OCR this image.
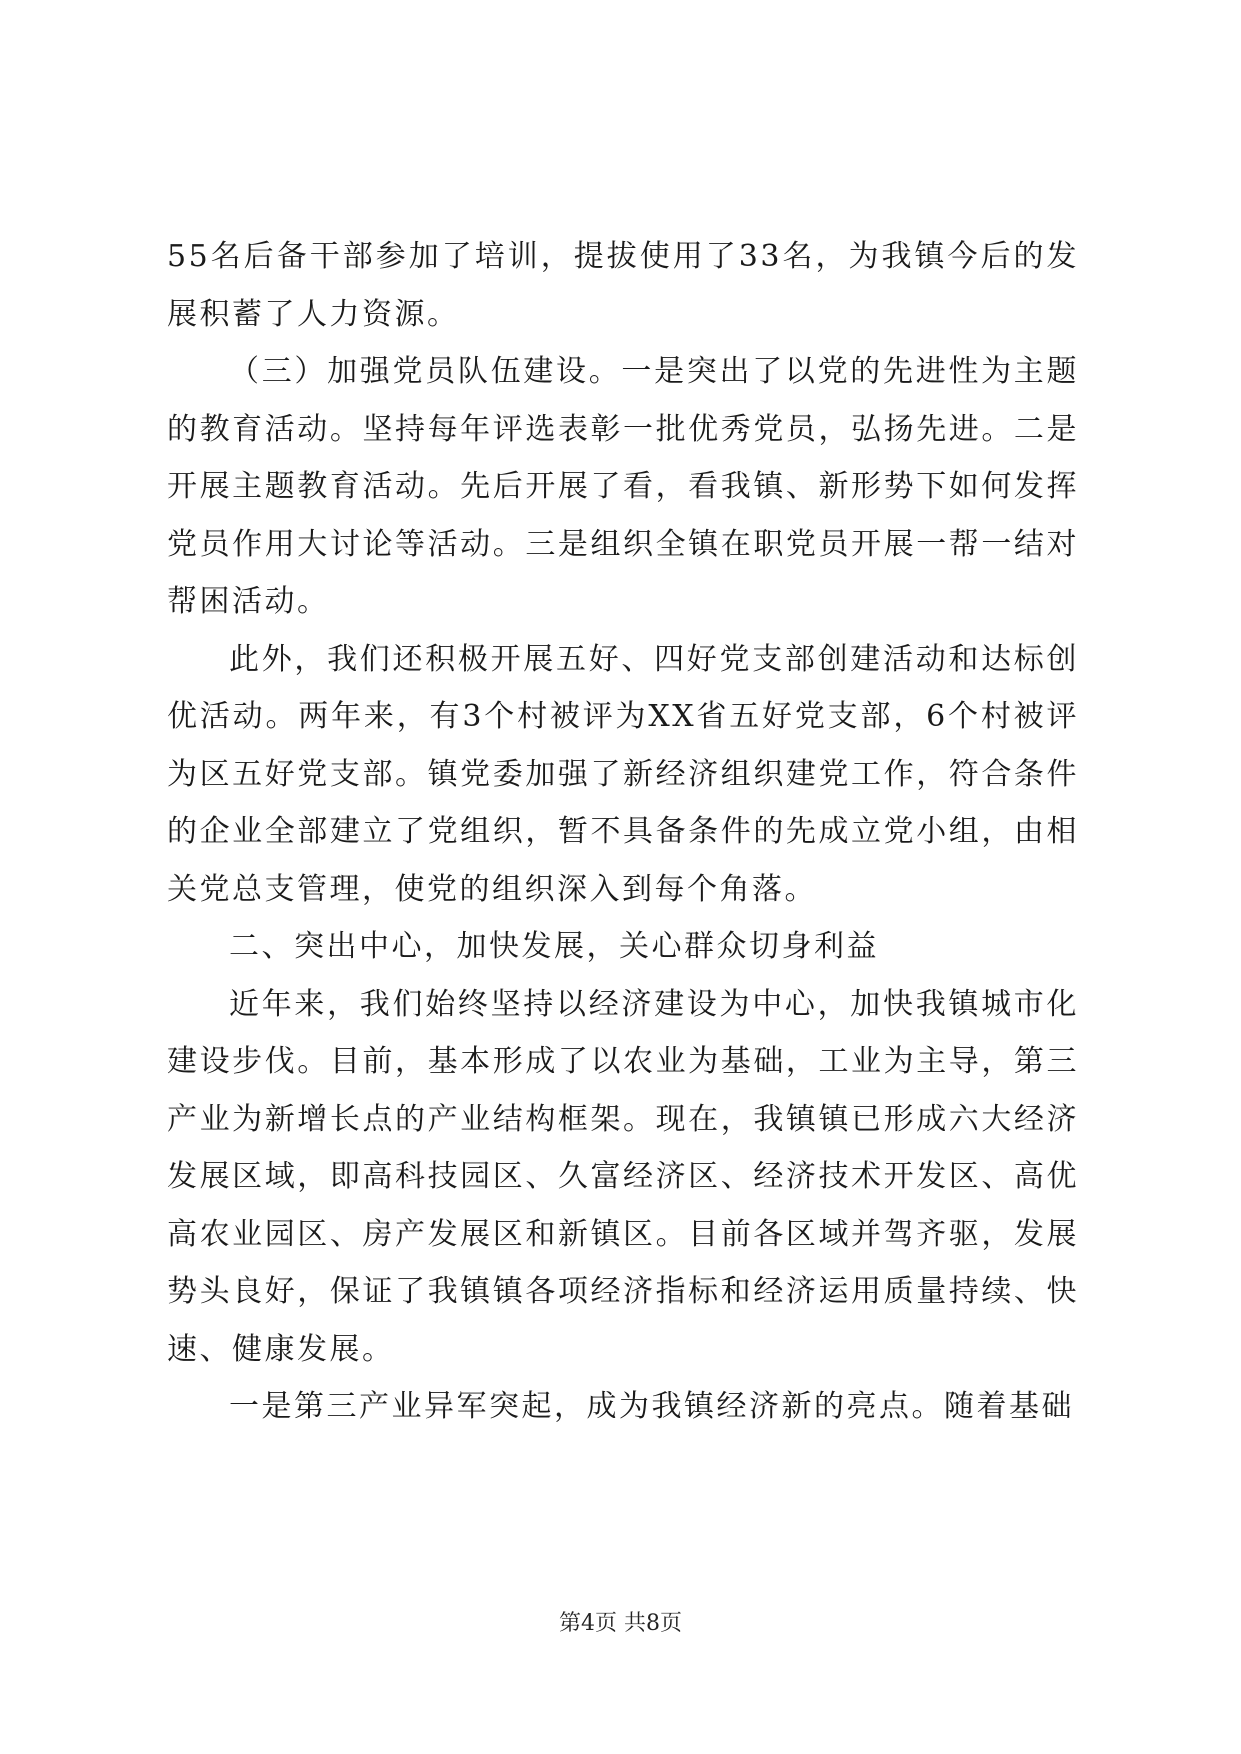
55名后备干部参加了培训，提拔使用了33名，为我镇今后的发展积蓄了人力资源。

（三）加强党员队伍建设。一是突出了以党的先进性为主题的教育活动。坚持每年评选表彰一批优秀党员，弘扬先进。二是开展主题教育活动。先后开展了看，看我镇、新形势下如何发挥党员作用大讨论等活动。三是组织全镇在职党员开展一帮一结对帮困活动。

此外，我们还积极开展五好、四好党支部创建活动和达标创优活动。两年来，有3个村被评为XX省五好党支部，6个村被评为区五好党支部。镇党委加强了新经济组织建党工作，符合条件的企业全部建立了党组织，暂不具备条件的先成立党小组，由相关党总支管理，使党的组织深入到每个角落。

二、突出中心，加快发展，关心群众切身利益

近年来，我们始终坚持以经济建设为中心，加快我镇城市化建设步伐。目前，基本形成了以农业为基础，工业为主导，第三产业为新增长点的产业结构框架。现在，我镇镇已形成六大经济发展区域，即高科技园区、久富经济区、经济技术开发区、高优高农业园区、房产发展区和新镇区。目前各区域并驾齐驱，发展势头良好，保证了我镇镇各项经济指标和经济运用质量持续、快速、健康发展。

一是第三产业异军突起，成为我镇经济新的亮点。随着基础

第4页 共8页
